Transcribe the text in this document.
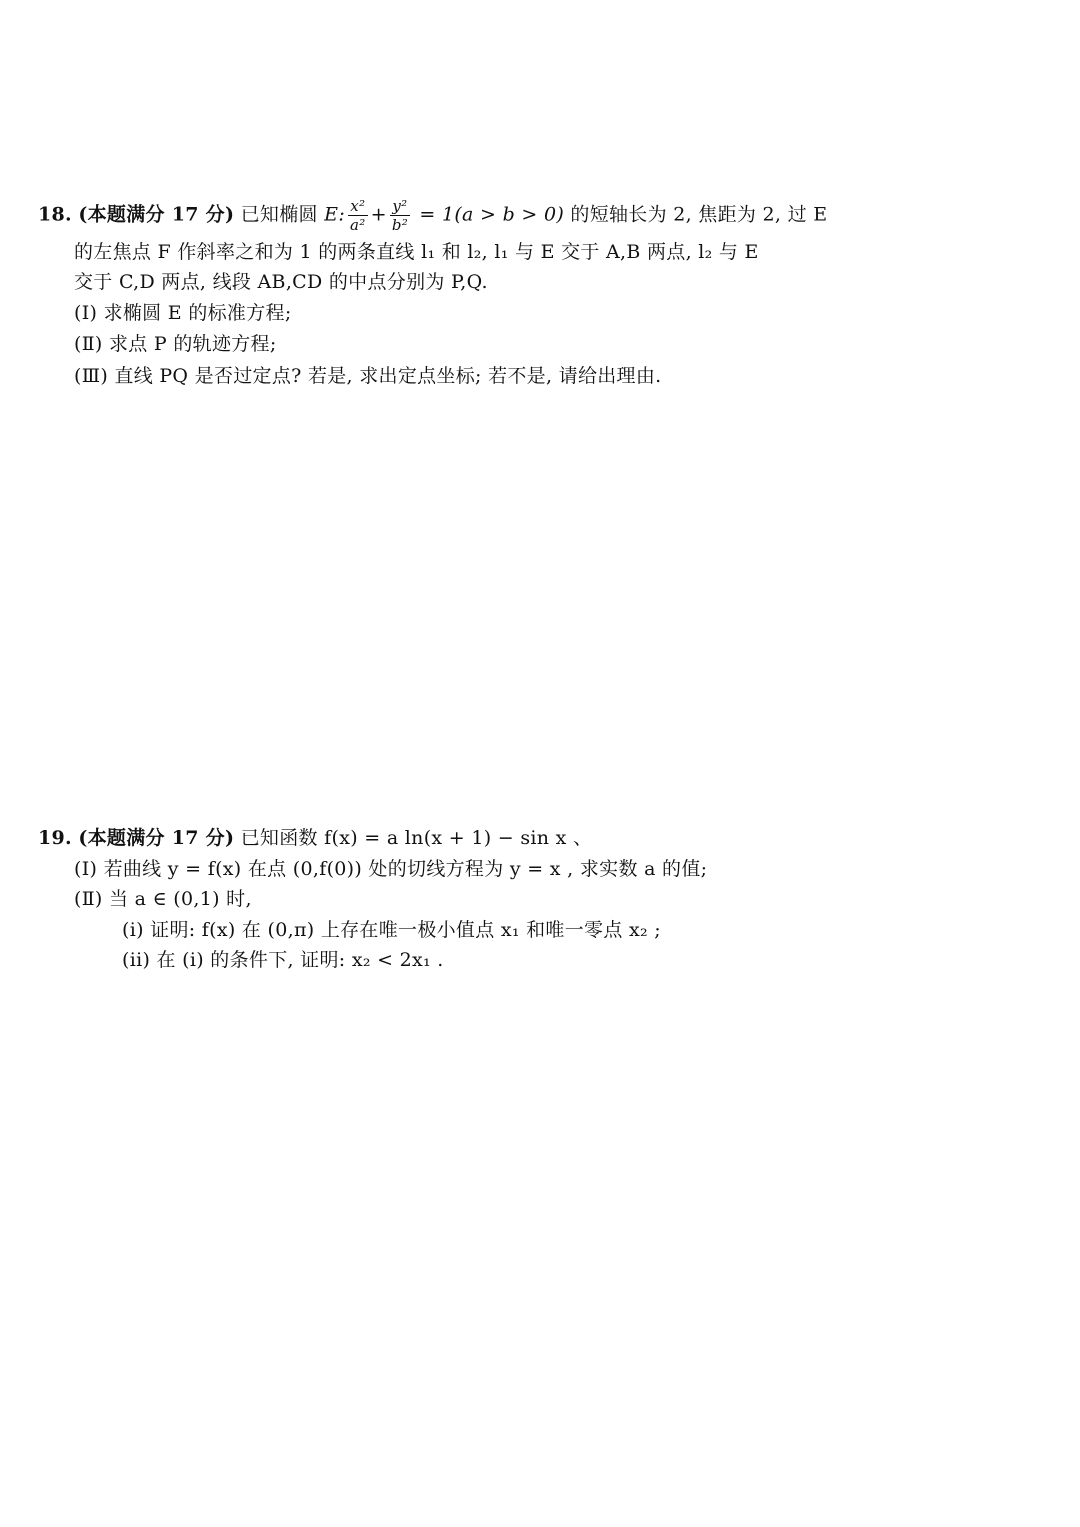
18. (本题满分 17 分) 已知椭圆 E: $\frac{\text{x²}}{\text{a²}} + \frac{\text{y²}}{\text{b²}} = 1(a > b > 0)$ 的短轴长为 2, 焦距为 2, 过 E
的左焦点 F 作斜率之和为 1 的两条直线 l₁ 和 l₂, l₁ 与 E 交于 A,B 两点, l₂ 与 E
交于 C,D 两点, 线段 AB,CD 的中点分别为 P,Q.
(Ⅰ) 求椭圆 E 的标准方程;
(Ⅱ) 求点 P 的轨迹方程;
(Ⅲ) 直线 PQ 是否过定点? 若是, 求出定点坐标; 若不是, 请给出理由.
19. (本题满分 17 分) 已知函数 f(x) = a ln(x + 1) − sin x 、
(Ⅰ) 若曲线 y = f(x) 在点 (0,f(0)) 处的切线方程为 y = x , 求实数 a 的值;
(Ⅱ) 当 a ∈ (0,1) 时,
(i) 证明: f(x) 在 (0,π) 上存在唯一极小值点 x₁ 和唯一零点 x₂ ;
(ii) 在 (i) 的条件下, 证明: x₂ < 2x₁ .
